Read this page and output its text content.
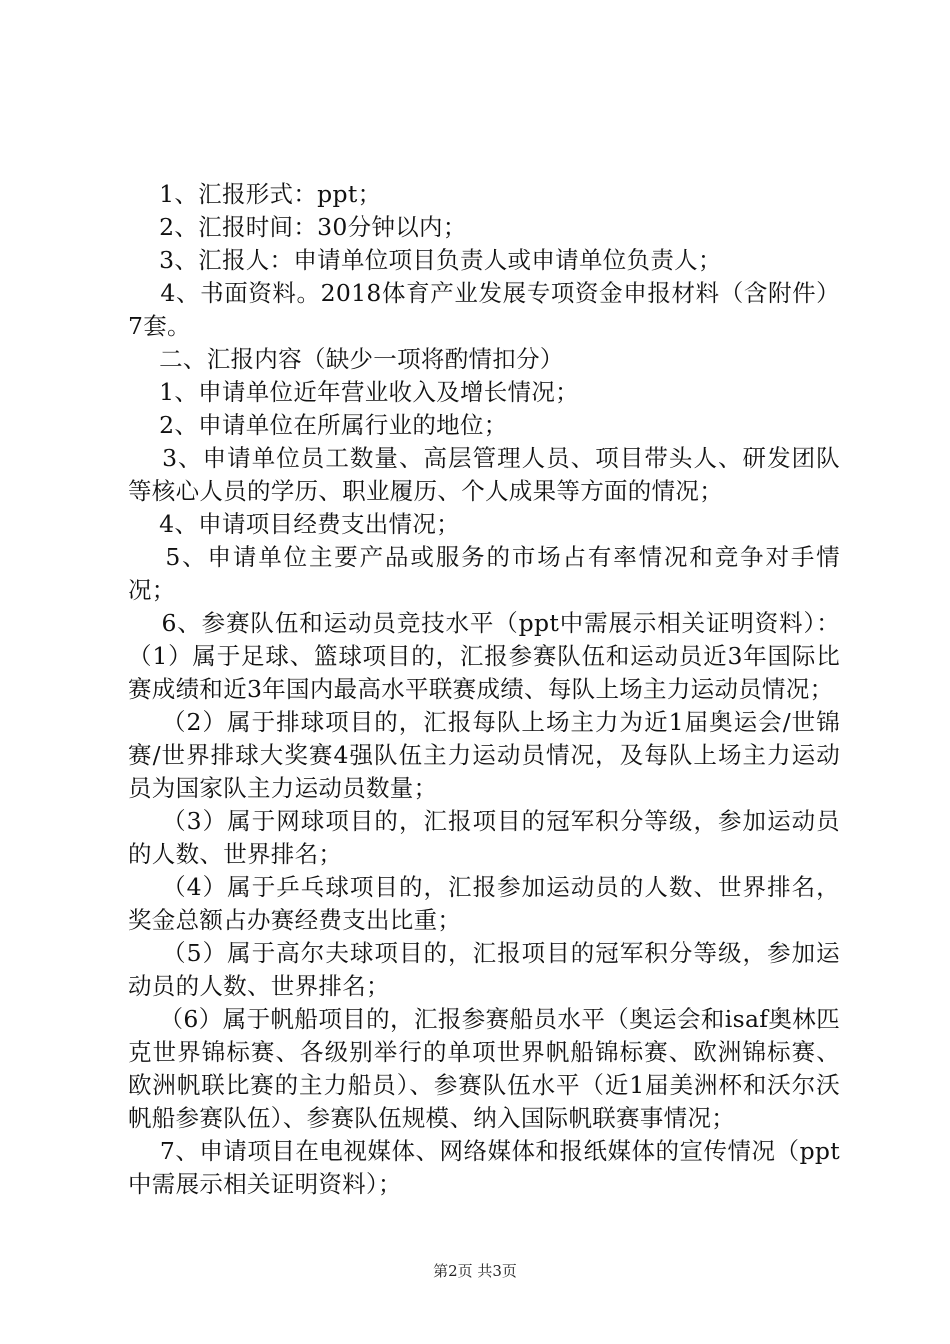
1、汇报形式：ppt；

2、汇报时间：30分钟以内；

3、汇报人：申请单位项目负责人或申请单位负责人；

4、书面资料。2018体育产业发展专项资金申报材料（含附件）7套。

二、汇报内容（缺少一项将酌情扣分）

1、申请单位近年营业收入及增长情况；

2、申请单位在所属行业的地位；

3、申请单位员工数量、高层管理人员、项目带头人、研发团队等核心人员的学历、职业履历、个人成果等方面的情况；

4、申请项目经费支出情况；

5、申请单位主要产品或服务的市场占有率情况和竞争对手情况；

6、参赛队伍和运动员竞技水平（ppt中需展示相关证明资料）：（1）属于足球、篮球项目的，汇报参赛队伍和运动员近3年国际比赛成绩和近3年国内最高水平联赛成绩、每队上场主力运动员情况；

（2）属于排球项目的，汇报每队上场主力为近1届奥运会/世锦赛/世界排球大奖赛4强队伍主力运动员情况，及每队上场主力运动员为国家队主力运动员数量；

（3）属于网球项目的，汇报项目的冠军积分等级，参加运动员的人数、世界排名；

（4）属于乒乓球项目的，汇报参加运动员的人数、世界排名，奖金总额占办赛经费支出比重；

（5）属于高尔夫球项目的，汇报项目的冠军积分等级，参加运动员的人数、世界排名；

（6）属于帆船项目的，汇报参赛船员水平（奥运会和isaf奥林匹克世界锦标赛、各级别举行的单项世界帆船锦标赛、欧洲锦标赛、欧洲帆联比赛的主力船员）、参赛队伍水平（近1届美洲杯和沃尔沃帆船参赛队伍）、参赛队伍规模、纳入国际帆联赛事情况；

7、申请项目在电视媒体、网络媒体和报纸媒体的宣传情况（ppt中需展示相关证明资料）；

第2页 共3页
